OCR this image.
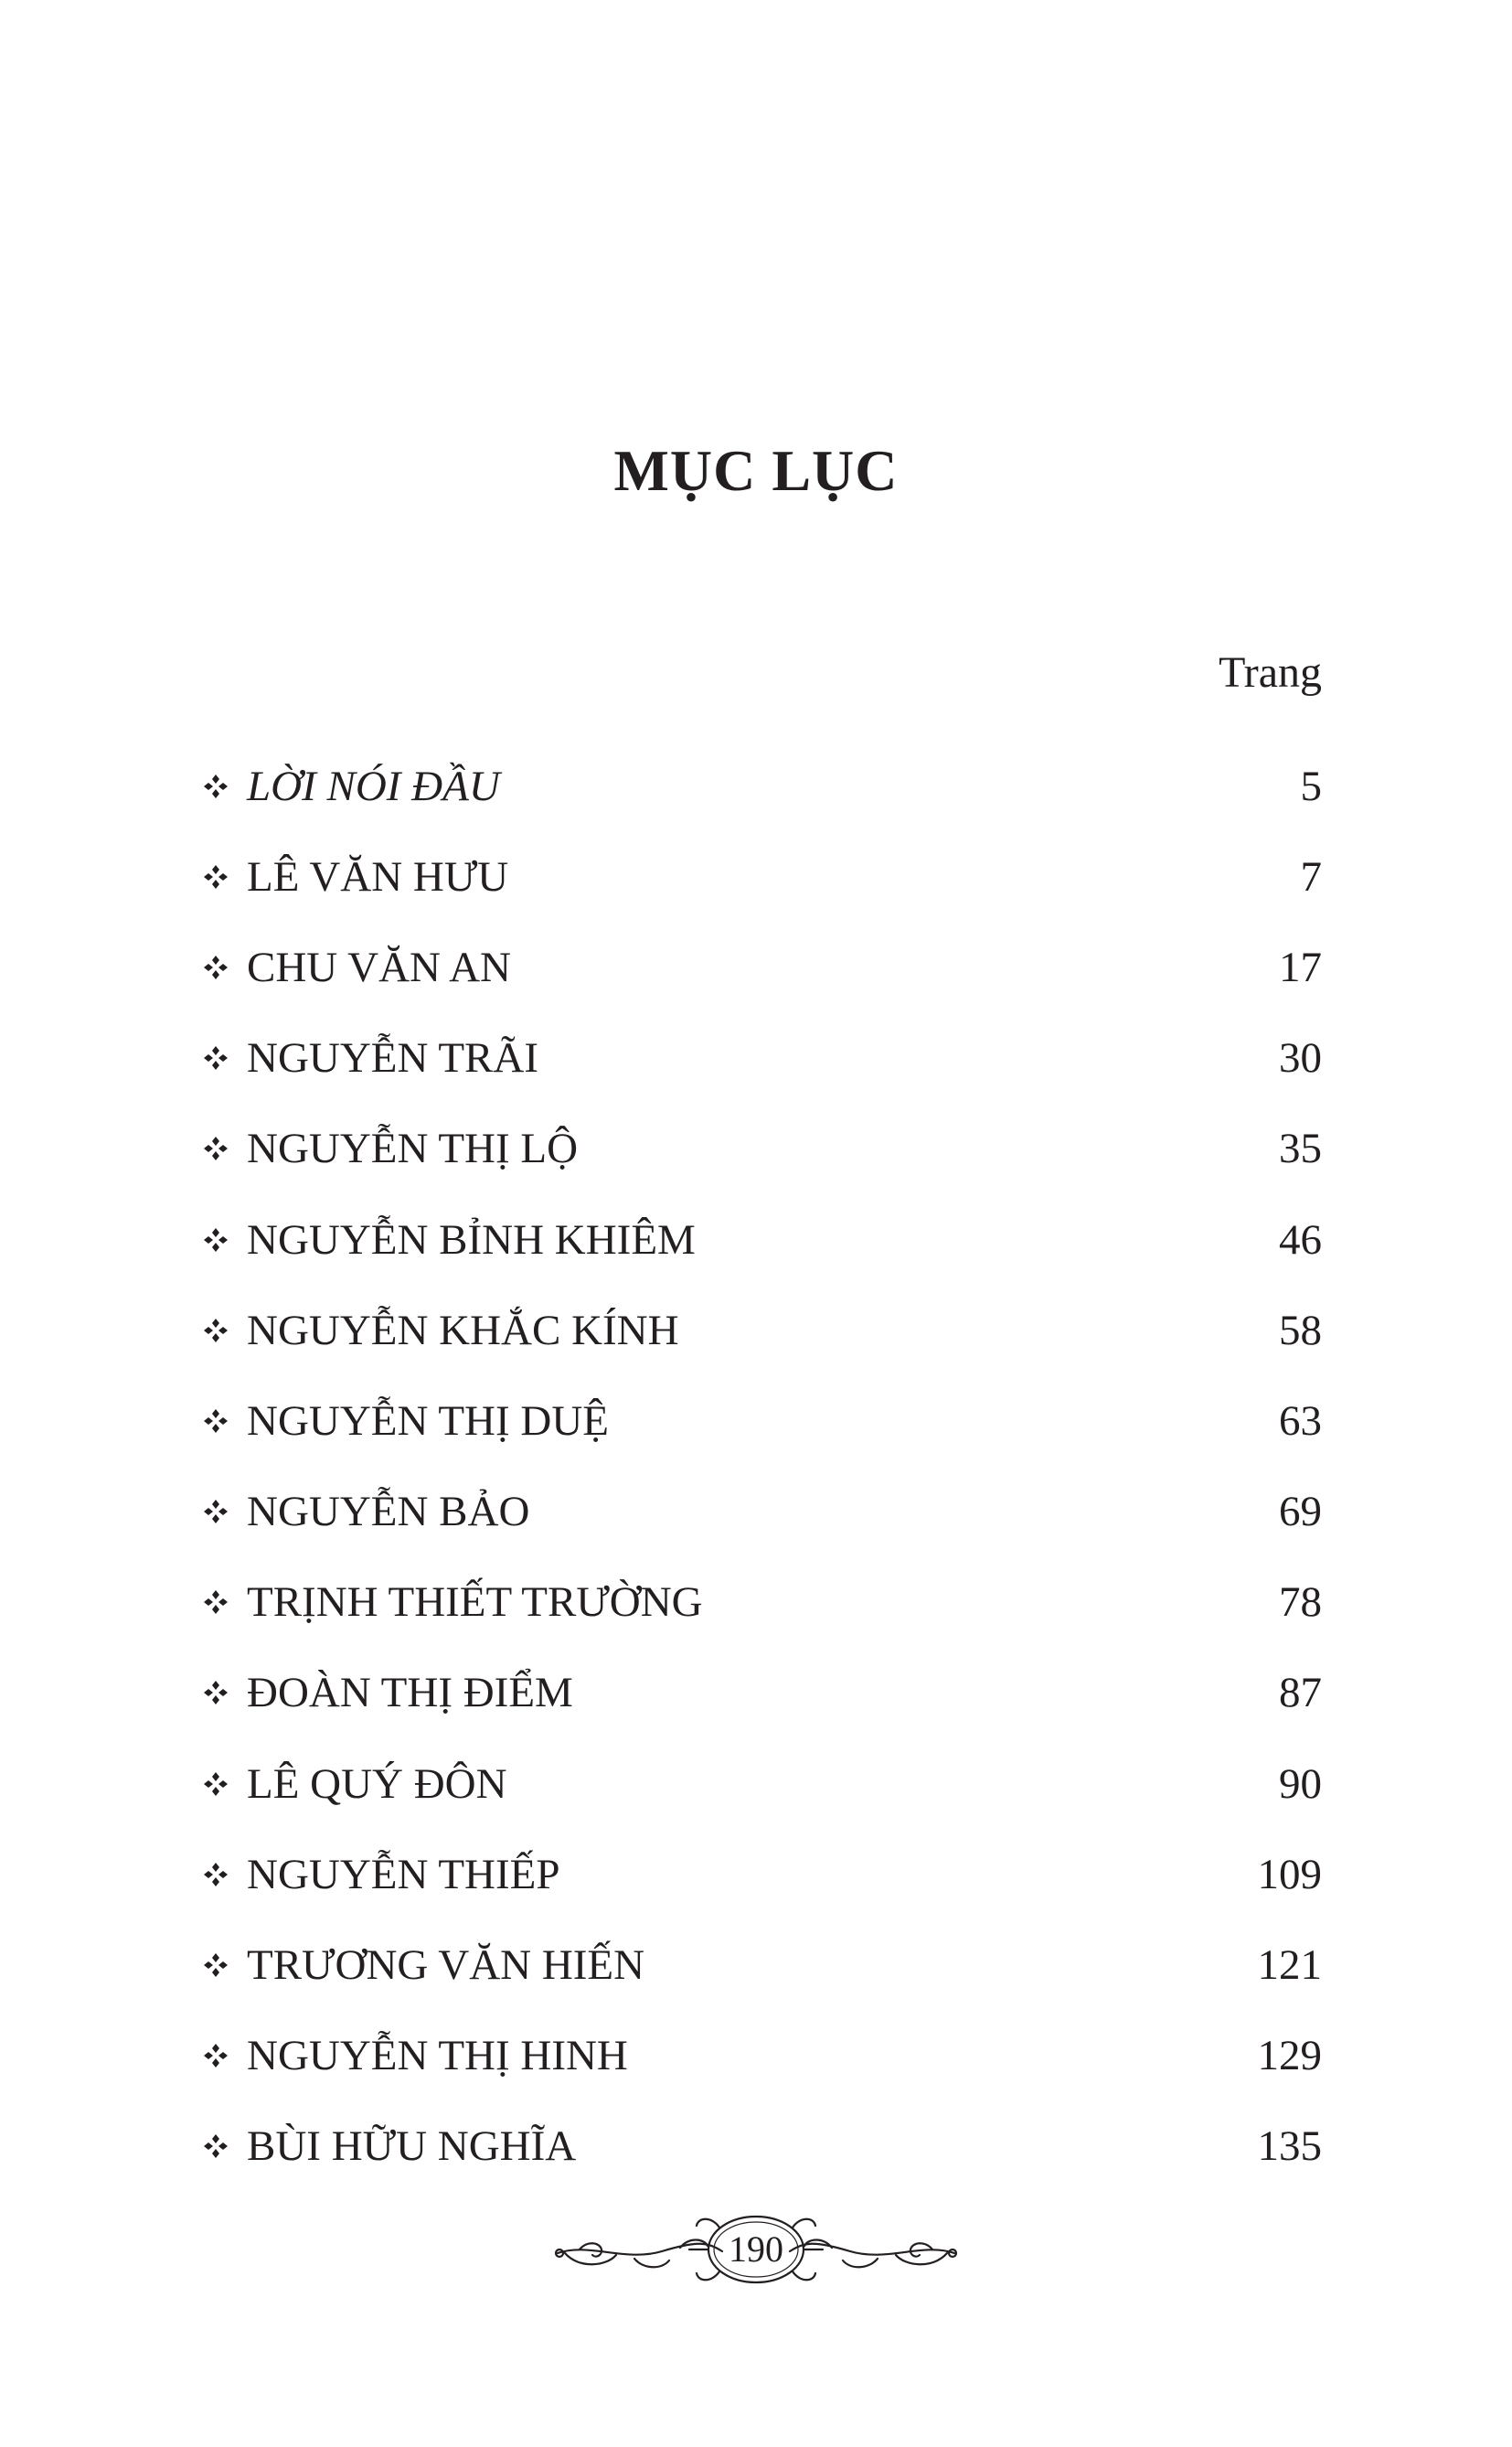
MỤC LỤC
Trang
LỜI NÓI ĐẦU	5
LÊ VĂN HƯU	7
CHU VĂN AN	17
NGUYỄN TRÃI	30
NGUYỄN THỊ LỘ	35
NGUYỄN BỈNH KHIÊM	46
NGUYỄN KHẮC KÍNH	58
NGUYỄN THỊ DUỆ	63
NGUYỄN BẢO	69
TRỊNH THIẾT TRƯỜNG	78
ĐOÀN THỊ ĐIỂM	87
LÊ QUÝ ĐÔN	90
NGUYỄN THIẾP	109
TRƯƠNG VĂN HIẾN	121
NGUYỄN THỊ HINH	129
BÙI HỮU NGHĨA	135
190
